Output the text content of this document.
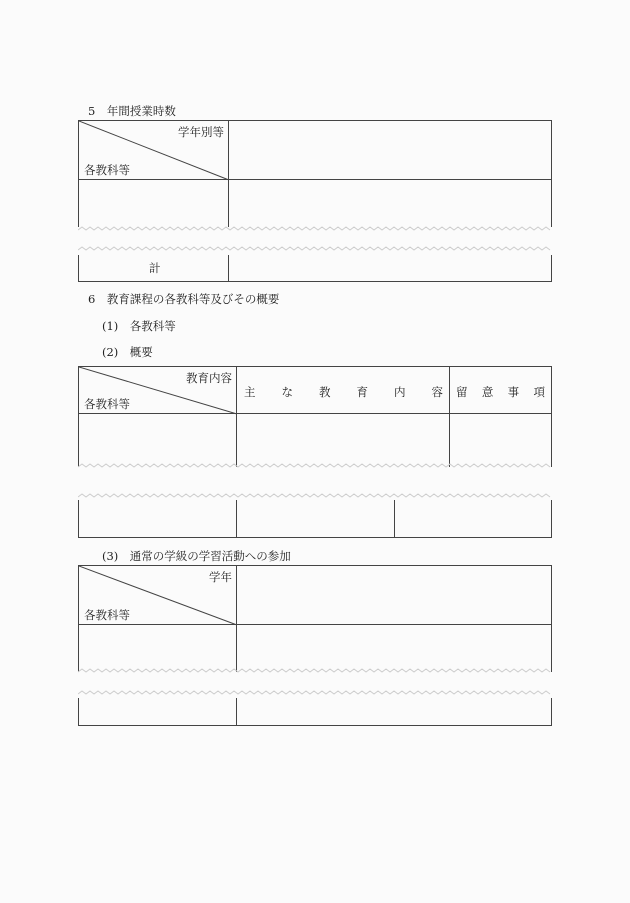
5　年間授業時数
学年別等
各教科等
計
6　教育課程の各教科等及びその概要
(1)　各教科等
(2)　概要
教育内容
各教科等
主 な 教 育 内 容 留 意 事 項
(3)　通常の学級の学習活動への参加
学年
各教科等
